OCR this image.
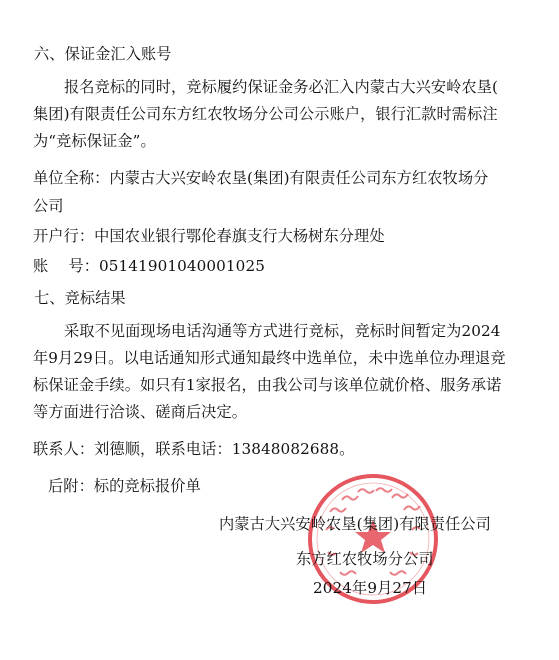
六、保证金汇入账号
报名竞标的同时，竞标履约保证金务必汇入内蒙古大兴安岭农垦(
集团)有限责任公司东方红农牧场分公司公示账户，银行汇款时需标注
为“竞标保证金”。
单位全称：内蒙古大兴安岭农垦(集团)有限责任公司东方红农牧场分
公司
开户行：中国农业银行鄂伦春旗支行大杨树东分理处
账　 号：05141901040001025
七、竞标结果
采取不见面现场电话沟通等方式进行竞标，竞标时间暂定为2024
年9月29日。以电话通知形式通知最终中选单位，未中选单位办理退竞
标保证金手续。如只有1家报名，由我公司与该单位就价格、服务承诺
等方面进行洽谈、磋商后决定。
联系人：刘德顺，联系电话：13848082688。
后附：标的竞标报价单
内蒙古大兴安岭农垦(集团)有限责任公司
东方红农牧场分公司
2024年9月27日
